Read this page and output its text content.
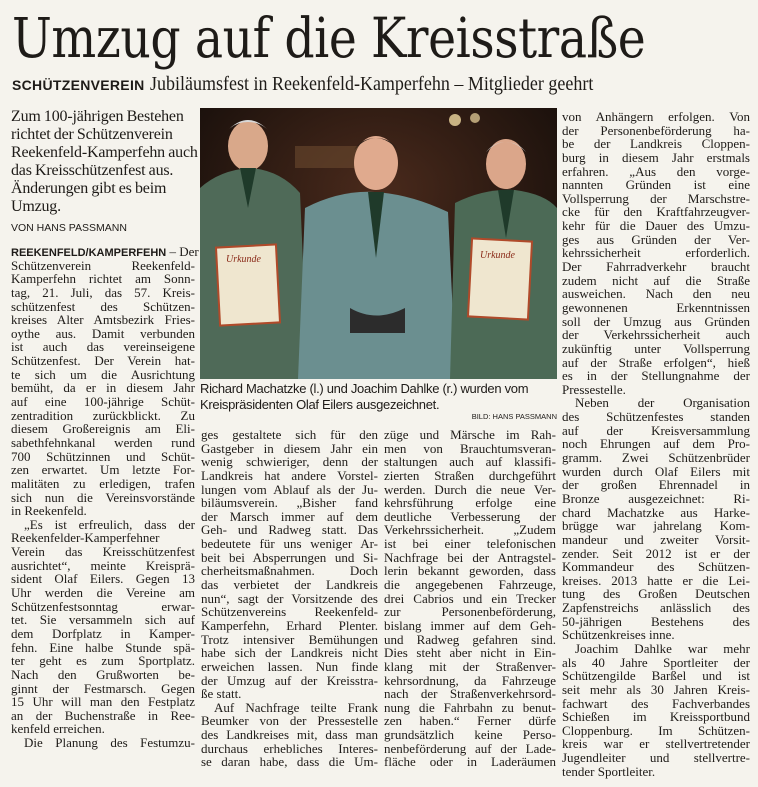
Umzug auf die Kreisstraße
SCHÜTZENVEREIN Jubiläumsfest in Reekenfeld-Kamperfehn – Mitglieder geehrt
Zum 100-jährigen Bestehen richtet der Schützenverein Reekenfeld-Kamperfehn auch das Kreisschützenfest aus. Änderungen gibt es beim Umzug.
VON HANS PASSMANN
REEKENFELD/KAMPERFEHN – Der
Schützenverein Reekenfeld-
Kamperfehn richtet am Sonn-
tag, 21. Juli, das 57. Kreis-
schützenfest des Schützen-
kreises Alter Amtsbezirk Fries-
oythe aus. Damit verbunden
ist auch das vereinseigene
Schützenfest. Der Verein hat-
te sich um die Ausrichtung
bemüht, da er in diesem Jahr
auf eine 100-jährige Schüt-
zentradition zurückblickt. Zu
diesem Großereignis am Eli-
sabethfehnkanal werden rund
700 Schützinnen und Schüt-
zen erwartet. Um letzte For-
malitäten zu erledigen, trafen
sich nun die Vereinsvorstände
in Reekenfeld.
„Es ist erfreulich, dass der
Reekenfelder-Kamperfehner
Verein das Kreisschützenfest
ausrichtet“, meinte Kreisprä-
sident Olaf Eilers. Gegen 13
Uhr werden die Vereine am
Schützenfestsonntag erwar-
tet. Sie versammeln sich auf
dem Dorfplatz in Kamper-
fehn. Eine halbe Stunde spä-
ter geht es zum Sportplatz.
Nach den Grußworten be-
ginnt der Festmarsch. Gegen
15 Uhr will man den Festplatz
an der Buchenstraße in Ree-
kenfeld erreichen.
Die Planung des Festumzu-
ges gestaltete sich für den
Gastgeber in diesem Jahr ein
wenig schwieriger, denn der
Landkreis hat andere Vorstel-
lungen vom Ablauf als der Ju-
biläumsverein. „Bisher fand
der Marsch immer auf dem
Geh- und Radweg statt. Das
bedeutete für uns weniger Ar-
beit bei Absperrungen und Si-
cherheitsmaßnahmen. Doch
das verbietet der Landkreis
nun“, sagt der Vorsitzende des
Schützenvereins Reekenfeld-
Kamperfehn, Erhard Plenter.
Trotz intensiver Bemühungen
habe sich der Landkreis nicht
erweichen lassen. Nun finde
der Umzug auf der Kreisstra-
ße statt.
Auf Nachfrage teilte Frank
Beumker von der Pressestelle
des Landkreises mit, dass man
durchaus erhebliches Interes-
se daran habe, dass die Um-
züge und Märsche im Rah-
men von Brauchtumsveran-
staltungen auch auf klassifi-
zierten Straßen durchgeführt
werden. Durch die neue Ver-
kehrsführung erfolge eine
deutliche Verbesserung der
Verkehrssicherheit. „Zudem
ist bei einer telefonischen
Nachfrage bei der Antragstel-
lerin bekannt geworden, dass
die angegebenen Fahrzeuge,
drei Cabrios und ein Trecker
zur Personenbeförderung,
bislang immer auf dem Geh-
und Radweg gefahren sind.
Dies steht aber nicht in Ein-
klang mit der Straßenver-
kehrsordnung, da Fahrzeuge
nach der Straßenverkehrsord-
nung die Fahrbahn zu benut-
zen haben.“ Ferner dürfe
grundsätzlich keine Perso-
nenbeförderung auf der Lade-
fläche oder in Laderäumen
von Anhängern erfolgen. Von
der Personenbeförderung ha-
be der Landkreis Cloppen-
burg in diesem Jahr erstmals
erfahren. „Aus den vorge-
nannten Gründen ist eine
Vollsperrung der Marschstre-
cke für den Kraftfahrzeugver-
kehr für die Dauer des Umzu-
ges aus Gründen der Ver-
kehrssicherheit erforderlich.
Der Fahrradverkehr braucht
zudem nicht auf die Straße
ausweichen. Nach den neu
gewonnenen Erkenntnissen
soll der Umzug aus Gründen
der Verkehrssicherheit auch
zukünftig unter Vollsperrung
auf der Straße erfolgen“, hieß
es in der Stellungnahme der
Pressestelle.
Neben der Organisation
des Schützenfestes standen
auf der Kreisversammlung
noch Ehrungen auf dem Pro-
gramm. Zwei Schützenbrüder
wurden durch Olaf Eilers mit
der großen Ehrennadel in
Bronze ausgezeichnet: Ri-
chard Machatzke aus Harke-
brügge war jahrelang Kom-
mandeur und zweiter Vorsit-
zender. Seit 2012 ist er der
Kommandeur des Schützen-
kreises. 2013 hatte er die Lei-
tung des Großen Deutschen
Zapfenstreichs anlässlich des
50-jährigen Bestehens des
Schützenkreises inne.
Joachim Dahlke war mehr
als 40 Jahre Sportleiter der
Schützengilde Barßel und ist
seit mehr als 30 Jahren Kreis-
fachwart des Fachverbandes
Schießen im Kreissportbund
Cloppenburg. Im Schützen-
kreis war er stellvertretender
Jugendleiter und stellvertre-
tender Sportleiter.
Urkunde	Urkunde
Richard Machatzke (l.) und Joachim Dahlke (r.) wurden vom
Kreispräsidenten Olaf Eilers ausgezeichnet.
BILD: HANS PASSMANN
